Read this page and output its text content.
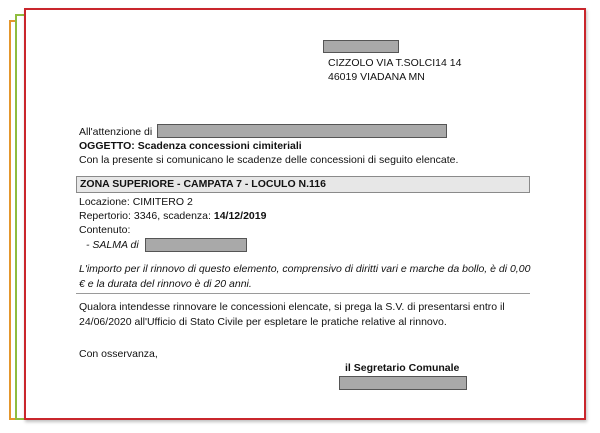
CIZZOLO VIA T.SOLCI14 14
46019 VIADANA MN
All'attenzione di
OGGETTO: Scadenza concessioni cimiteriali
Con la presente si comunicano le scadenze delle concessioni di seguito elencate.
ZONA SUPERIORE - CAMPATA 7 - LOCULO N.116
Locazione: CIMITERO 2
Repertorio: 3346, scadenza: 14/12/2019
Contenuto:
- SALMA di
L'importo per il rinnovo di questo elemento, comprensivo di diritti vari e marche da bollo, è di 0,00 € e la durata del rinnovo è di 20 anni.
Qualora intendesse rinnovare le concessioni elencate, si prega la S.V. di presentarsi entro il 24/06/2020 all'Ufficio di Stato Civile per espletare le pratiche relative al rinnovo.
Con osservanza,
il Segretario Comunale
